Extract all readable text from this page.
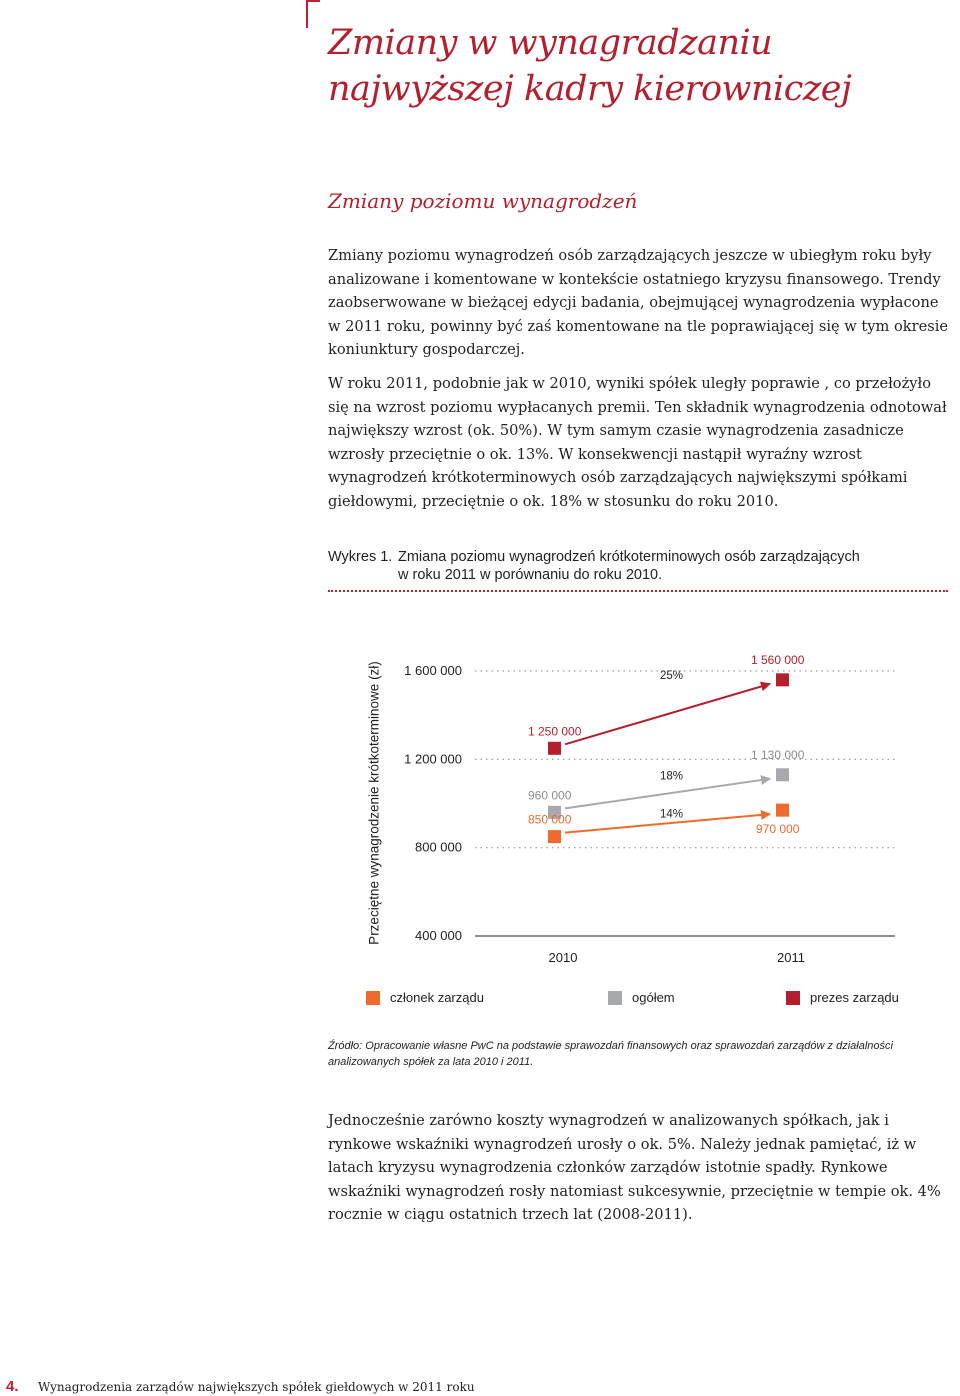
Zmiany w wynagradzaniu
najwyższej kadry kierowniczej
Zmiany poziomu wynagrodzeń

Zmiany poziomu wynagrodzeń osób zarządzających jeszcze w ubiegłym roku były analizowane i komentowane w kontekście ostatniego kryzysu finansowego. Trendy zaobserwowane w bieżącej edycji badania, obejmującej wynagrodzenia wypłacone w 2011 roku, powinny być zaś komentowane na tle poprawiającej się w tym okresie koniunktury gospodarczej.

W roku 2011, podobnie jak w 2010, wyniki spółek uległy poprawie , co przełożyło się na wzrost poziomu wypłacanych premii. Ten składnik wynagrodzenia odnotował największy wzrost (ok. 50%). W tym samym czasie wynagrodzenia zasadnicze wzrosły przeciętnie o ok. 13%. W konsekwencji nastąpił wyraźny wzrost wynagrodzeń krótkoterminowych osób zarządzających największymi spółkami giełdowymi, przeciętnie o ok. 18% w stosunku do roku 2010.

Wykres 1. Zmiana poziomu wynagrodzeń krótkoterminowych osób zarządzających
w roku 2011 w porównaniu do roku 2010.
Przeciętne wynagrodzenie krótkoterminowe (zł) 1 600 000
1 200 000
800 000
400 000
2010	2011
1 250 000
1 560 000
25%
960 000
1 130 000
18%
850 000
970 000
14%
członek zarządu	ogółem	prezes zarządu
Źródło: Opracowanie własne PwC na podstawie sprawozdań finansowych oraz sprawozdań zarządów z działalności analizowanych spółek za lata 2010 i 2011.

Jednocześnie zarówno koszty wynagrodzeń w analizowanych spółkach, jak i rynkowe wskaźniki wynagrodzeń urosły o ok. 5%. Należy jednak pamiętać, iż w latach kryzysu wynagrodzenia członków zarządów istotnie spadły. Rynkowe wskaźniki wynagrodzeń rosły natomiast sukcesywnie, przeciętnie w tempie ok. 4% rocznie w ciągu ostatnich trzech lat (2008-2011).

4.	Wynagrodzenia zarządów największych spółek giełdowych w 2011 roku
